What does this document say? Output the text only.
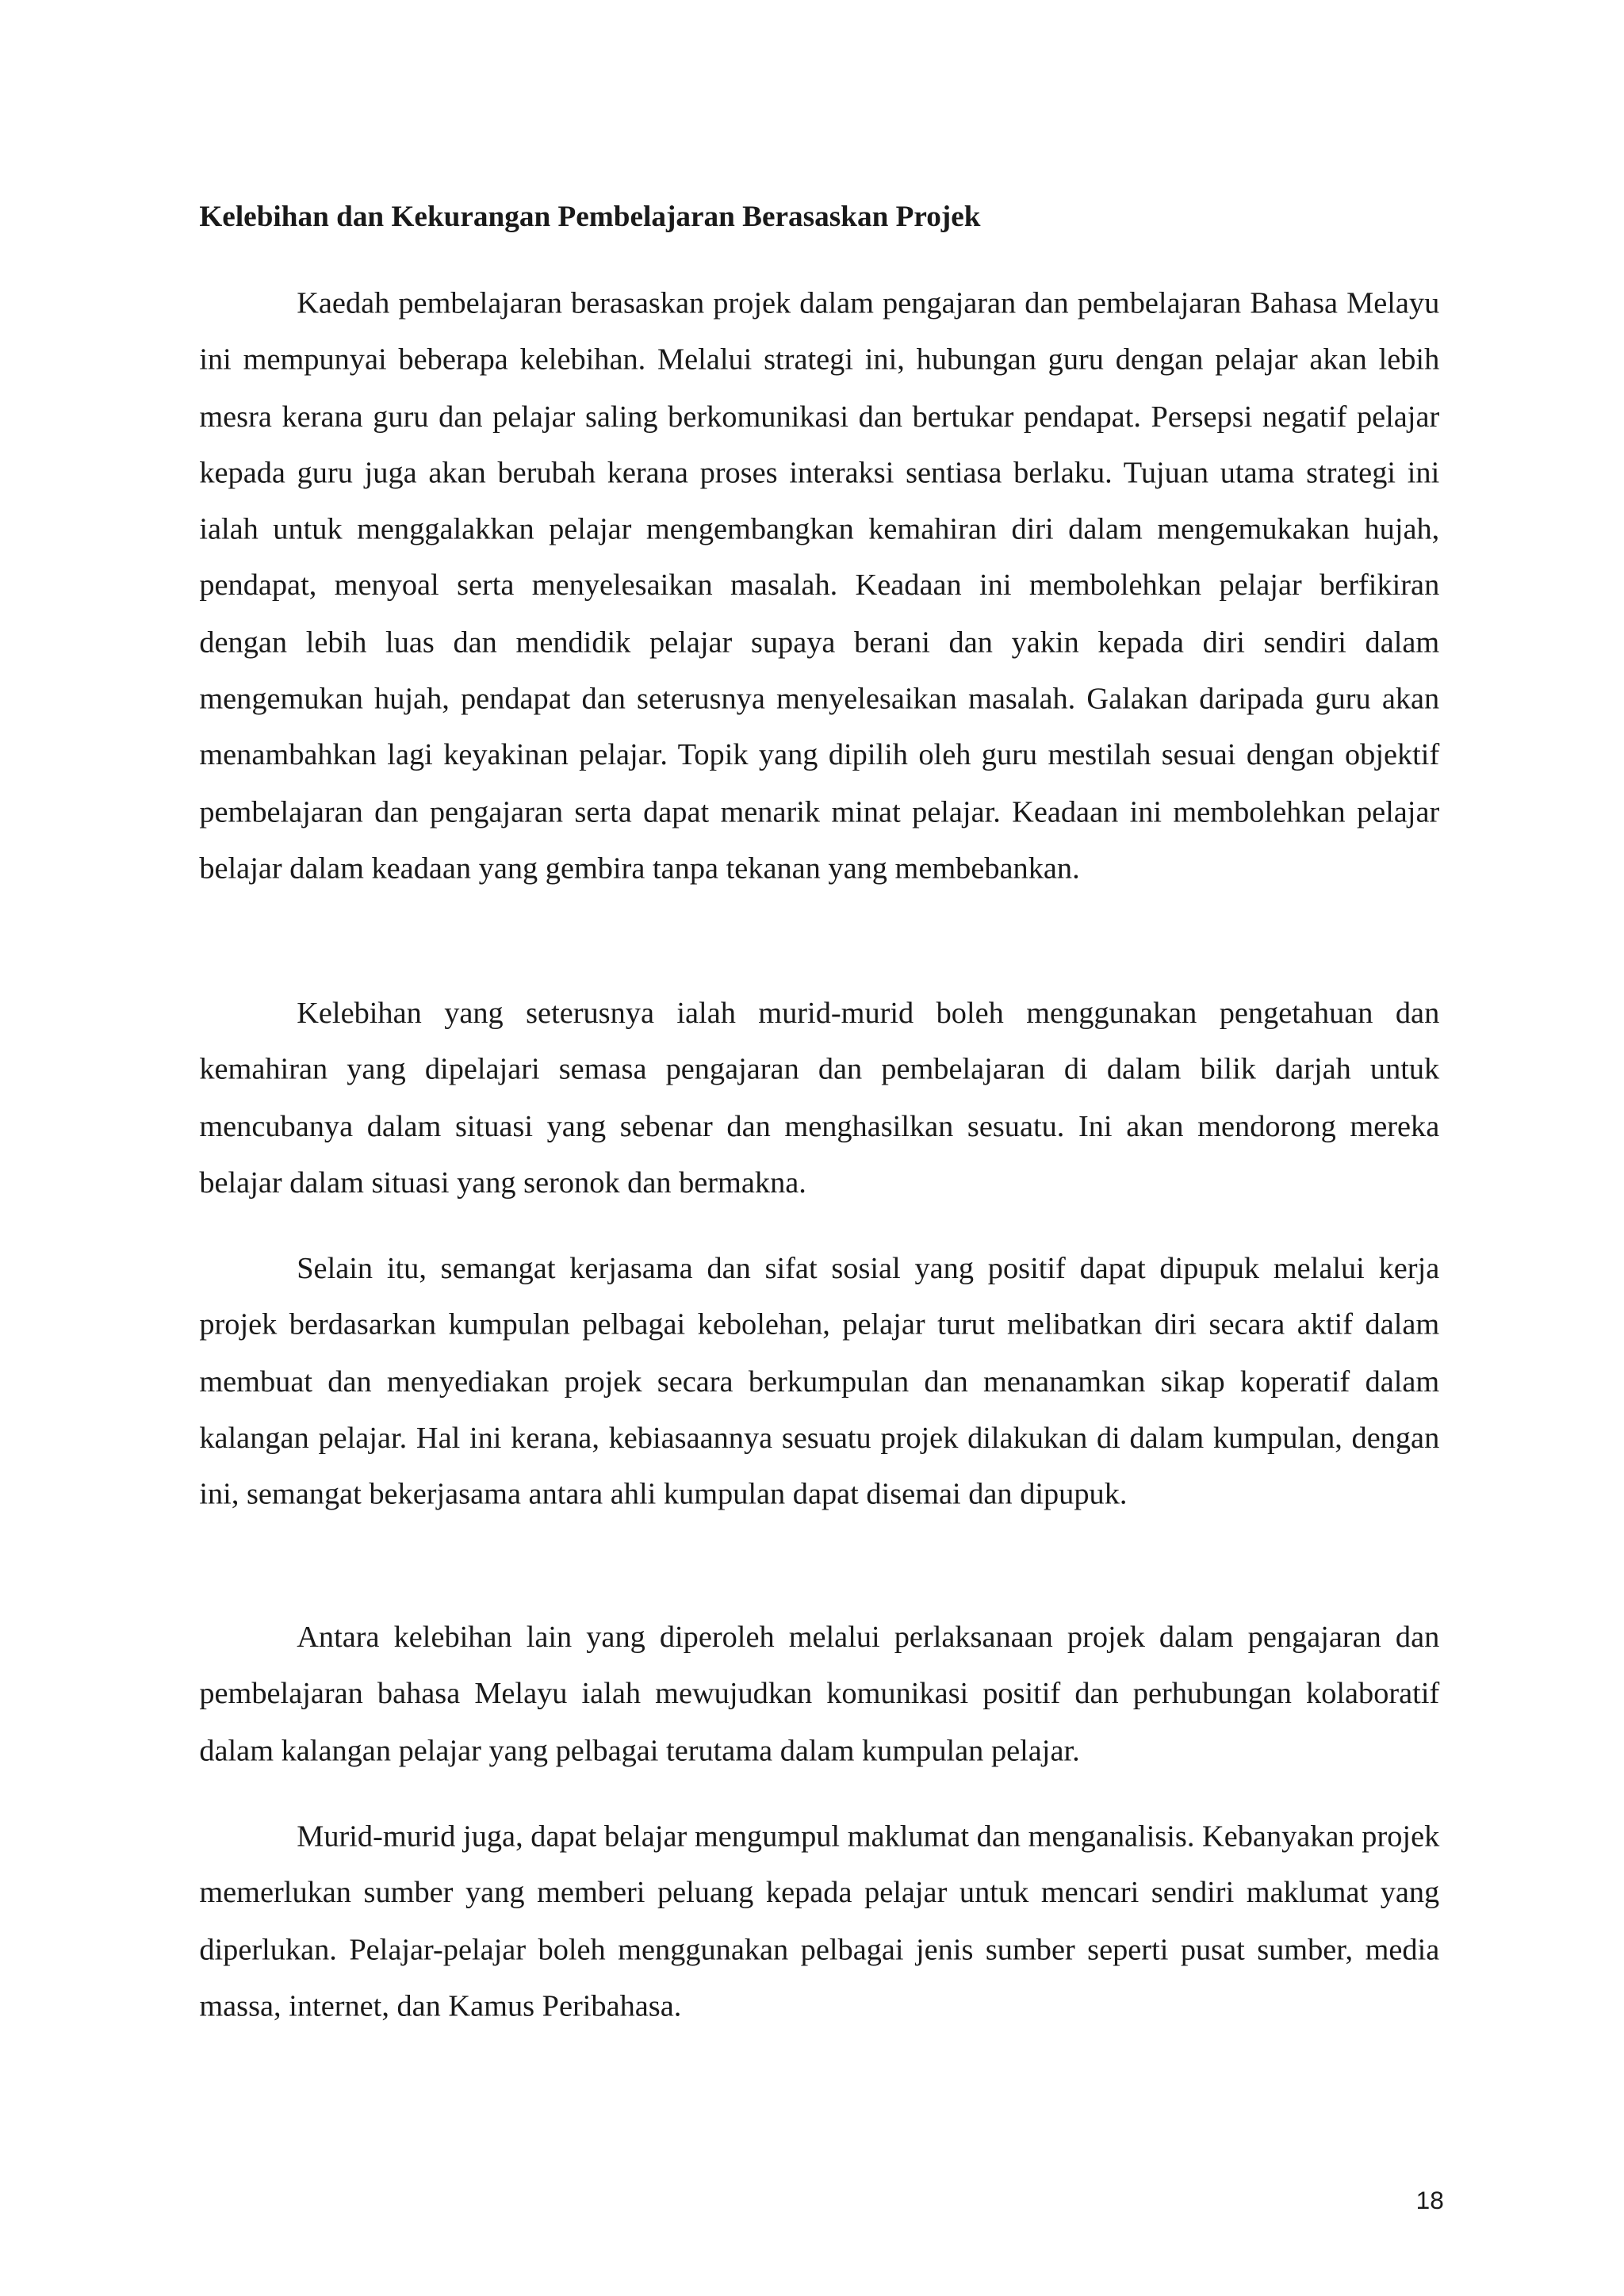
Kelebihan dan Kekurangan Pembelajaran Berasaskan Projek

Kaedah pembelajaran berasaskan projek dalam pengajaran dan pembelajaran Bahasa Melayu ini mempunyai beberapa kelebihan. Melalui strategi ini, hubungan guru dengan pelajar akan lebih mesra kerana guru dan pelajar saling berkomunikasi dan bertukar pendapat. Persepsi negatif pelajar kepada guru juga akan berubah kerana proses interaksi sentiasa berlaku. Tujuan utama strategi ini ialah untuk menggalakkan pelajar mengembangkan kemahiran diri dalam mengemukakan hujah, pendapat, menyoal serta menyelesaikan masalah. Keadaan ini membolehkan pelajar berfikiran dengan lebih luas dan mendidik pelajar supaya berani dan yakin kepada diri sendiri dalam mengemukan hujah, pendapat dan seterusnya menyelesaikan masalah. Galakan daripada guru akan menambahkan lagi keyakinan pelajar. Topik yang dipilih oleh guru mestilah sesuai dengan objektif pembelajaran dan pengajaran serta dapat menarik minat pelajar. Keadaan ini membolehkan pelajar belajar dalam keadaan yang gembira tanpa tekanan yang membebankan.

Kelebihan yang seterusnya ialah murid-murid boleh menggunakan pengetahuan dan kemahiran yang dipelajari semasa pengajaran dan pembelajaran di dalam bilik darjah untuk mencubanya dalam situasi yang sebenar dan menghasilkan sesuatu. Ini akan mendorong mereka belajar dalam situasi yang seronok dan bermakna.

Selain itu, semangat kerjasama dan sifat sosial yang positif dapat dipupuk melalui kerja projek berdasarkan kumpulan pelbagai kebolehan, pelajar turut melibatkan diri secara aktif dalam membuat dan menyediakan projek secara berkumpulan dan menanamkan sikap koperatif dalam kalangan pelajar. Hal ini kerana, kebiasaannya sesuatu projek dilakukan di dalam kumpulan, dengan ini, semangat bekerjasama antara ahli kumpulan dapat disemai dan dipupuk.

Antara kelebihan lain yang diperoleh melalui perlaksanaan projek dalam pengajaran dan pembelajaran bahasa Melayu ialah mewujudkan komunikasi positif dan perhubungan kolaboratif dalam kalangan pelajar yang pelbagai terutama dalam kumpulan pelajar.

Murid-murid juga, dapat belajar mengumpul maklumat dan menganalisis. Kebanyakan projek memerlukan sumber yang memberi peluang kepada pelajar untuk mencari sendiri maklumat yang diperlukan. Pelajar-pelajar boleh menggunakan pelbagai jenis sumber seperti pusat sumber, media massa, internet, dan Kamus Peribahasa.

18
